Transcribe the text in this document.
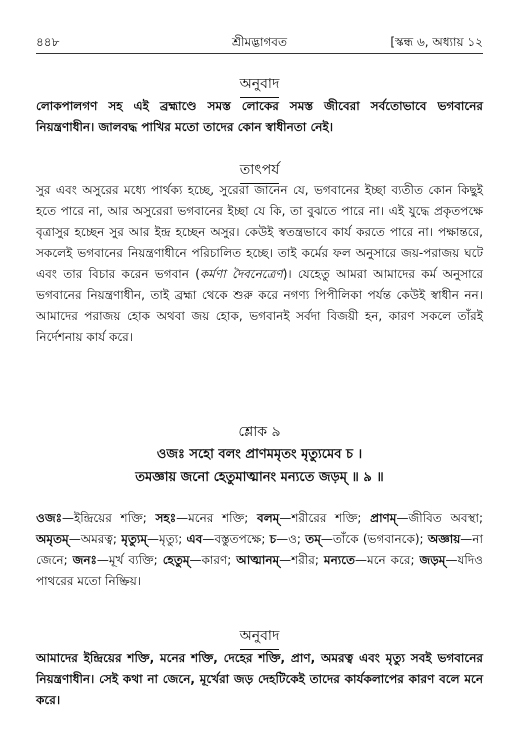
৪৪৮	শ্রীমদ্ভাগবত	[স্কন্ধ ৬, অধ্যায় ১২
অনুবাদ
লোকপালগণ সহ এই ব্রহ্মাণ্ডে সমস্ত লোকের সমস্ত জীবেরা সর্বতোভাবে ভগবানের নিয়ন্ত্রণাধীন। জালবদ্ধ পাখির মতো তাদের কোন স্বাধীনতা নেই।
তাৎপর্য
সুর এবং অসুরের মধ্যে পার্থক্য হচ্ছে, সুরেরা জানেন যে, ভগবানের ইচ্ছা ব্যতীত কোন কিছুই হতে পারে না, আর অসুরেরা ভগবানের ইচ্ছা যে কি, তা বুঝতে পারে না। এই যুদ্ধে প্রকৃতপক্ষে বৃত্রাসুর হচ্ছেন সুর আর ইন্দ্র হচ্ছেন অসুর। কেউই স্বতন্ত্রভাবে কার্য করতে পারে না। পক্ষান্তরে, সকলেই ভগবানের নিয়ন্ত্রণাধীনে পরিচালিত হচ্ছে। তাই কর্মের ফল অনুসারে জয়-পরাজয় ঘটে এবং তার বিচার করেন ভগবান (কর্মণা দৈবনেত্রেণ)। যেহেতু আমরা আমাদের কর্ম অনুসারে ভগবানের নিয়ন্ত্রণাধীন, তাই ব্রহ্মা থেকে শুরু করে নগণ্য পিপীলিকা পর্যন্ত কেউই স্বাধীন নন। আমাদের পরাজয় হোক অথবা জয় হোক, ভগবানই সর্বদা বিজয়ী হন, কারণ সকলে তাঁরই নির্দেশনায় কার্য করে।
শ্লোক ৯
ওজঃ সহো বলং প্রাণমমৃতং মৃত্যুমেব চ ।
তমজ্ঞায় জনো হেতুমাত্মানং মন্যতে জড়ম্ ॥ ৯ ॥
ওজঃ—ইন্দ্রিয়ের শক্তি; সহঃ—মনের শক্তি; বলম্—শরীরের শক্তি; প্রাণম্—জীবিত অবস্থা; অমৃতম্—অমরত্ব; মৃত্যুম্—মৃত্যু; এব—বস্তুতপক্ষে; চ—ও; তম্—তাঁকে (ভগবানকে); অজ্ঞায়—না জেনে; জনঃ—মূর্খ ব্যক্তি; হেতুম্—কারণ; আত্মানম্—শরীর; মন্যতে—মনে করে; জড়ম্—যদিও পাথরের মতো নিষ্ক্রিয়।
অনুবাদ
আমাদের ইন্দ্রিয়ের শক্তি, মনের শক্তি, দেহের শক্তি, প্রাণ, অমরত্ব এবং মৃত্যু সবই ভগবানের নিয়ন্ত্রণাধীন। সেই কথা না জেনে, মূর্খেরা জড় দেহটিকেই তাদের কার্যকলাপের কারণ বলে মনে করে।
